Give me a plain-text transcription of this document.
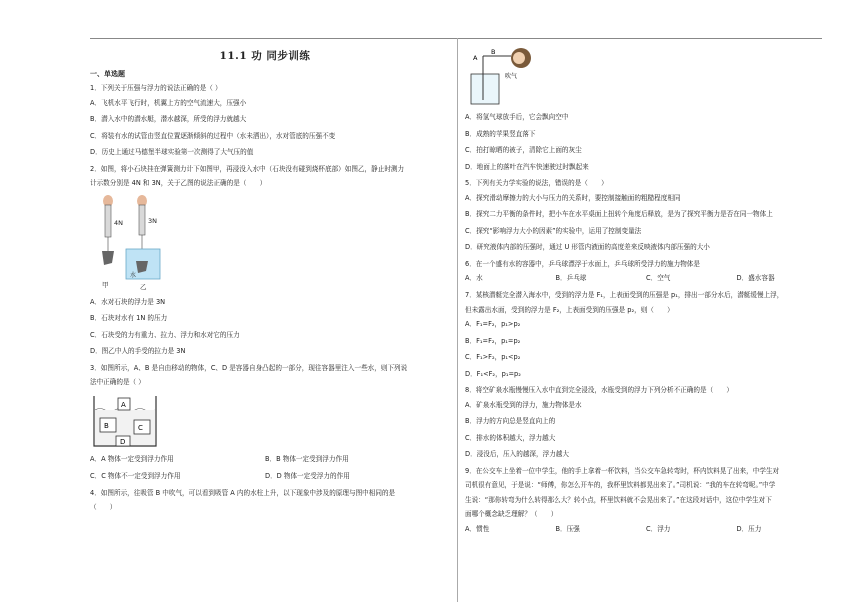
11.1 功 同步训练
一、单选题
1．下列关于压强与浮力的说法正确的是（ ）
A．飞机水平飞行时，机翼上方的空气流速大，压强小
B．潜入水中的潜水艇，潜水越深，所受的浮力就越大
C．将装有水的试管由竖直位置逐渐倾斜的过程中（水未洒出），水对管底的压强不变
D．历史上通过马德堡半球实验第一次测得了大气压的值
2．如图，将小石块挂在弹簧测力计下如图甲，再浸没入水中（石块没有碰到烧杯底部）如图乙，静止时测力
计示数分别是 4N 和 3N，关于乙图的说法正确的是（　　）
4N
甲
3N
水
乙
A．水对石块的浮力是 3N
B．石块对水有 1N 的压力
C．石块受的力有重力、拉力、浮力和水对它的压力
D．图乙中人的手受的拉力是 3N
3．如图所示，A、B 是自由移动的物体，C、D 是容器自身凸起的一部分，现往容器里注入一些水，则下列说
法中正确的是（ ）
A
B	C
D
A．A 物体一定受到浮力作用	B．B 物体一定受到浮力作用
C．C 物体不一定受到浮力作用	D．D 物体一定受浮力的作用
4．如图所示，往吸管 B 中吹气，可以看到吸管 A 内的水柱上升，以下现象中涉及的原理与图中相同的是
（　　）
A
B
吹气
A．将氢气球放手后，它会飘向空中
B．成熟的苹果竖直落下
C．拍打晾晒的被子，清除它上面的灰尘
D．地面上的落叶在汽车快速驶过时飘起来
5．下列有关力学实验的说法，错误的是（　　）
A．探究滑动摩擦力的大小与压力的关系时，要控制接触面的粗糙程度相同
B．探究二力平衡的条件时，把小车在水平桌面上扭转个角度后释放，是为了探究平衡力是否在同一物体上
C．探究“影响浮力大小的因素”的实验中，运用了控制变量法
D．研究液体内部的压强时，通过 U 形管内液面的高度差来反映液体内部压强的大小
6．在一个盛有水的容器中，乒乓球漂浮于水面上，乒乓球所受浮力的施力物体是
A．水	B．乒乓球	C．空气	D．盛水容器
7．某核潜艇完全潜入海水中，受到的浮力是 F₁，上表面受到的压强是 p₁，排出一部分水后，潜艇缓慢上浮，
但未露出水面，受到的浮力是 F₂，上表面受到的压强是 p₂，则（　　）
A．F₁=F₂，p₁>p₂
B．F₁=F₂，p₁=p₂
C．F₁>F₂，p₁<p₂
D．F₁<F₂，p₁=p₂
8．将空矿泉水瓶慢慢压入水中直到完全浸没，水瓶受到的浮力下列分析不正确的是（　　）
A．矿泉水瓶受到的浮力，施力物体是水
B．浮力的方向总是竖直向上的
C．排水的体积越大，浮力越大
D．浸没后，压入的越深，浮力越大
9．在公交车上坐着一位中学生，他的手上拿着一杯饮料，当公交车急转弯时，杯内饮料晃了出来，中学生对
司机很有意见，于是说：“师傅，你怎么开车的，我杯里饮料都晃出来了。”司机说：“我的车在转弯呢。”中学
生说：“那你转弯为什么转得那么大？转小点，杯里饮料就不会晃出来了。”在这段对话中，这位中学生对下
面哪个概念缺乏理解？（　　）
A．惯性	B．压强	C．浮力	D．压力
